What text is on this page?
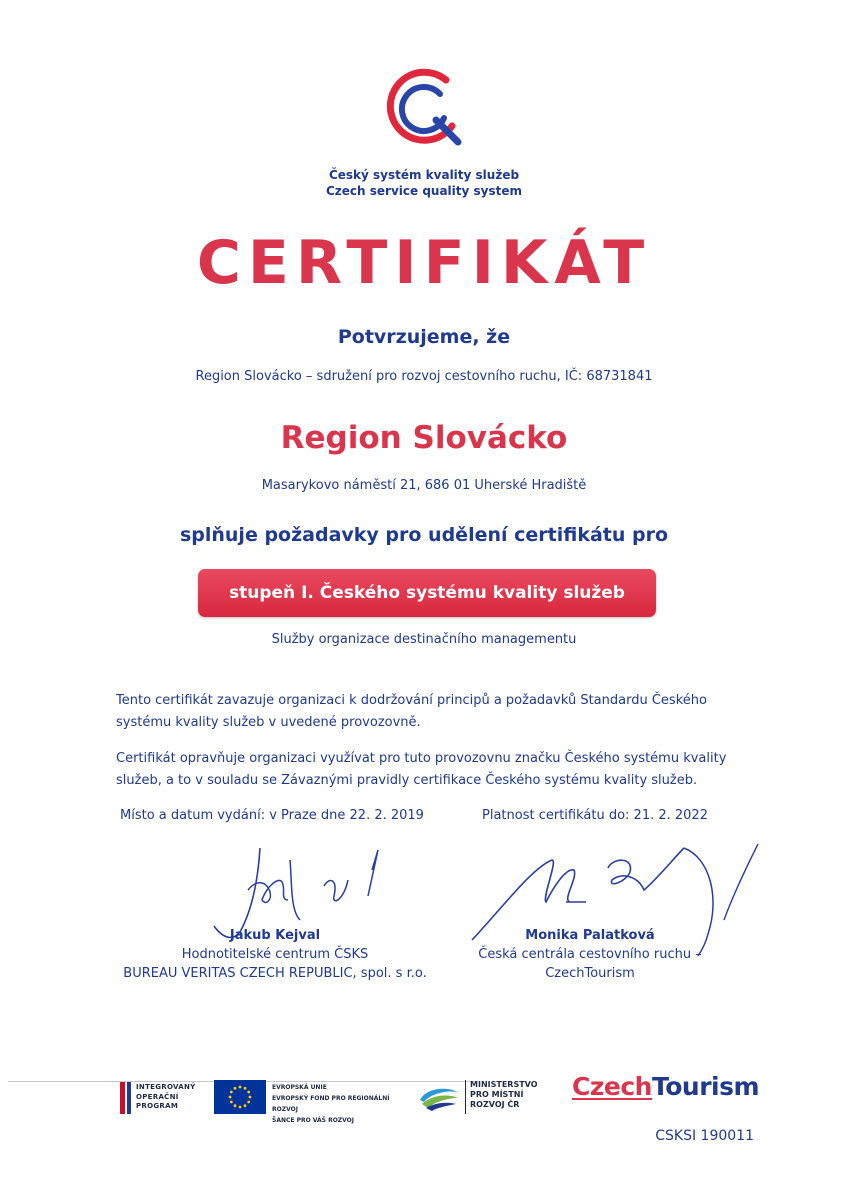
Český systém kvality služeb
Czech service quality system
CERTIFIKÁT
Potvrzujeme, že
Region Slovácko – sdružení pro rozvoj cestovního ruchu, IČ: 68731841
Region Slovácko
Masarykovo náměstí 21, 686 01 Uherské Hradiště
splňuje požadavky pro udělení certifikátu pro
stupeň I. Českého systému kvality služeb
Služby organizace destinačního managementu
Tento certifikát zavazuje organizaci k dodržování principů a požadavků Standardu Českého systému kvality služeb v uvedené provozovně.
Certifikát opravňuje organizaci využívat pro tuto provozovnu značku Českého systému kvality služeb, a to v souladu se Závaznými pravidly certifikace Českého systému kvality služeb.
Místo a datum vydání: v Praze dne 22. 2. 2019	Platnost certifikátu do: 21. 2. 2022
Jakub Kejval
Hodnotitelské centrum ČSKS
BUREAU VERITAS CZECH REPUBLIC, spol. s r.o.
Monika Palatková
Česká centrála cestovního ruchu –
CzechTourism
INTEGROVANÝ
OPERAČNÍ
PROGRAM
EVROPSKÁ UNIE
EVROPSKÝ FOND PRO REGIONÁLNÍ ROZVOJ
ŠANCE PRO VÁŠ ROZVOJ
MINISTERSTVO
PRO MÍSTNÍ
ROZVOJ ČR
CzechTourism
CSKSI 190011
